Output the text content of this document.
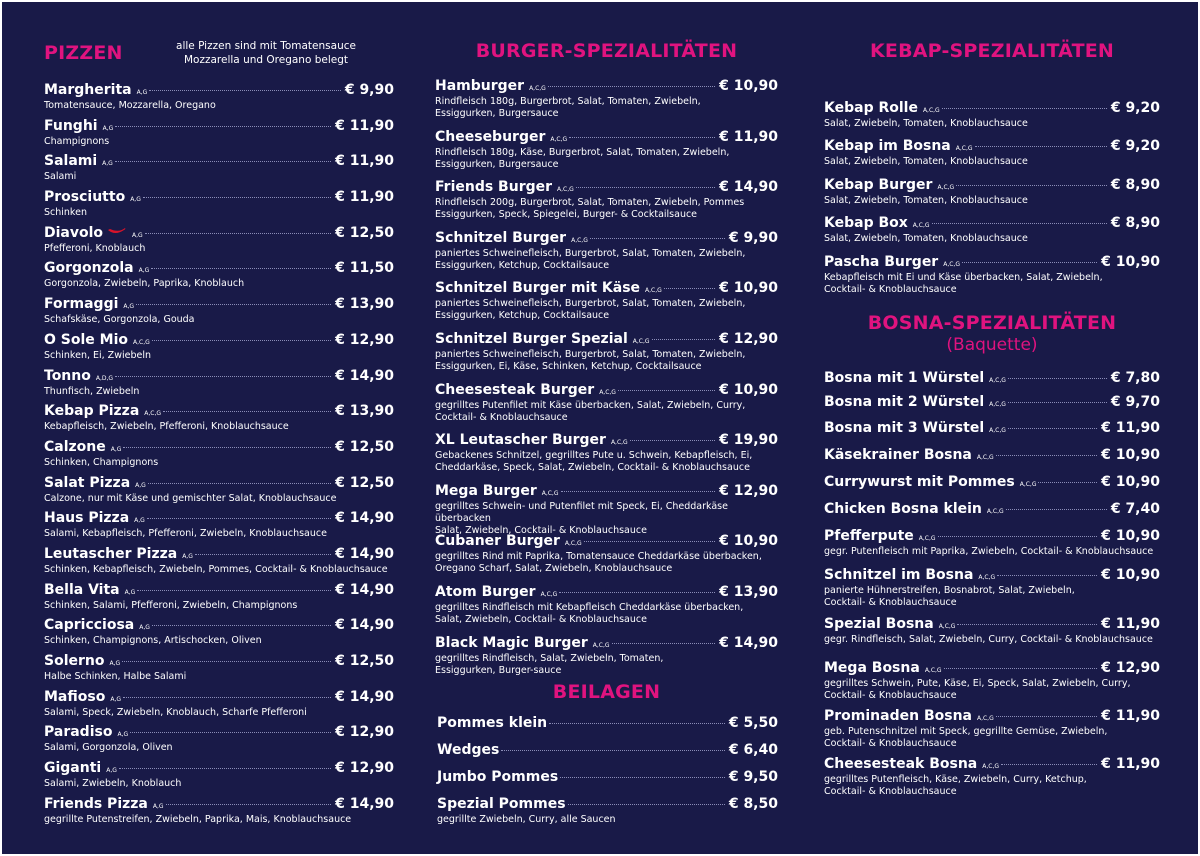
PIZZEN	alle Pizzen sind mit Tomatensauce
Mozzarella und Oregano belegt
Margherita A,G	€ 9,90
Tomatensauce, Mozzarella, Oregano
Funghi A,G	€ 11,90
Champignons
Salami A,G	€ 11,90
Salami
Prosciutto A,G	€ 11,90
Schinken
Diavolo	A,G	€ 12,50
Pfefferoni, Knoblauch
Gorgonzola A,G	€ 11,50
Gorgonzola, Zwiebeln, Paprika, Knoblauch
Formaggi A,G	€ 13,90
Schafskäse, Gorgonzola, Gouda
O Sole Mio A,C,G	€ 12,90
Schinken, Ei, Zwiebeln
Tonno A,D,G	€ 14,90
Thunfisch, Zwiebeln
Kebap Pizza A,C,G	€ 13,90
Kebapfleisch, Zwiebeln, Pfefferoni, Knoblauchsauce
Calzone A,G	€ 12,50
Schinken, Champignons
Salat Pizza A,G	€ 12,50
Calzone, nur mit Käse und gemischter Salat, Knoblauchsauce
Haus Pizza A,G	€ 14,90
Salami, Kebapfleisch, Pfefferoni, Zwiebeln, Knoblauchsauce
Leutascher Pizza A,G	€ 14,90
Schinken, Kebapfleisch, Zwiebeln, Pommes, Cocktail- & Knoblauchsauce
Bella Vita A,G	€ 14,90
Schinken, Salami, Pfefferoni, Zwiebeln, Champignons
Capricciosa A,G	€ 14,90
Schinken, Champignons, Artischocken, Oliven
Solerno A,G	€ 12,50
Halbe Schinken, Halbe Salami
Mafioso A,G	€ 14,90
Salami, Speck, Zwiebeln, Knoblauch, Scharfe Pfefferoni
Paradiso A,G	€ 12,90
Salami, Gorgonzola, Oliven
Giganti A,G	€ 12,90
Salami, Zwiebeln, Knoblauch
Friends Pizza A,G	€ 14,90
gegrillte Putenstreifen, Zwiebeln, Paprika, Mais, Knoblauchsauce
BURGER-SPEZIALITÄTEN
Hamburger A,C,G	€ 10,90
Rindfleisch 180g, Burgerbrot, Salat, Tomaten, Zwiebeln,
Essiggurken, Burgersauce
Cheeseburger A,C,G	€ 11,90
Rindfleisch 180g, Käse, Burgerbrot, Salat, Tomaten, Zwiebeln,
Essiggurken, Burgersauce
Friends Burger A,C,G	€ 14,90
Rindfleisch 200g, Burgerbrot, Salat, Tomaten, Zwiebeln, Pommes
Essiggurken, Speck, Spiegelei, Burger- & Cocktailsauce
Schnitzel Burger A,C,G	€ 9,90
paniertes Schweinefleisch, Burgerbrot, Salat, Tomaten, Zwiebeln,
Essiggurken, Ketchup, Cocktailsauce
Schnitzel Burger mit Käse A,C,G	€ 10,90
paniertes Schweinefleisch, Burgerbrot, Salat, Tomaten, Zwiebeln,
Essiggurken, Ketchup, Cocktailsauce
Schnitzel Burger Spezial A,C,G	€ 12,90
paniertes Schweinefleisch, Burgerbrot, Salat, Tomaten, Zwiebeln,
Essiggurken, Ei, Käse, Schinken, Ketchup, Cocktailsauce
Cheesesteak Burger A,C,G	€ 10,90
gegrilltes Putenfilet mit Käse überbacken, Salat, Zwiebeln, Curry,
Cocktail- & Knoblauchsauce
XL Leutascher Burger A,C,G	€ 19,90
Gebackenes Schnitzel, gegrilltes Pute u. Schwein, Kebapfleisch, Ei,
Cheddarkäse, Speck, Salat, Zwiebeln, Cocktail- & Knoblauchsauce
Mega Burger A,C,G	€ 12,90
gegrilltes Schwein- und Putenfilet mit Speck, Ei, Cheddarkäse überbacken
Salat, Zwiebeln, Cocktail- & Knoblauchsauce
Cubaner Burger A,C,G	€ 10,90
gegrilltes Rind mit Paprika, Tomatensauce Cheddarkäse überbacken,
Oregano Scharf, Salat, Zwiebeln, Knoblauchsauce
Atom Burger A,C,G	€ 13,90
gegrilltes Rindfleisch mit Kebapfleisch Cheddarkäse überbacken,
Salat, Zwiebeln, Cocktail- & Knoblauchsauce
Black Magic Burger A,C,G	€ 14,90
gegrilltes Rindfleisch, Salat, Zwiebeln, Tomaten,
Essiggurken, Burger-sauce
BEILAGEN
Pommes klein	€ 5,50
Wedges	€ 6,40
Jumbo Pommes	€ 9,50
Spezial Pommes	€ 8,50
gegrillte Zwiebeln, Curry, alle Saucen
KEBAP-SPEZIALITÄTEN
Kebap Rolle A,C,G	€ 9,20
Salat, Zwiebeln, Tomaten, Knoblauchsauce
Kebap im Bosna A,C,G	€ 9,20
Salat, Zwiebeln, Tomaten, Knoblauchsauce
Kebap Burger A,C,G	€ 8,90
Salat, Zwiebeln, Tomaten, Knoblauchsauce
Kebap Box A,C,G	€ 8,90
Salat, Zwiebeln, Tomaten, Knoblauchsauce
Pascha Burger A,C,G	€ 10,90
Kebapfleisch mit Ei und Käse überbacken, Salat, Zwiebeln,
Cocktail- & Knoblauchsauce
BOSNA-SPEZIALITÄTEN
(Baquette)
Bosna mit 1 Würstel A,C,G	€ 7,80
Bosna mit 2 Würstel A,C,G	€ 9,70
Bosna mit 3 Würstel A,C,G	€ 11,90
Käsekrainer Bosna A,C,G	€ 10,90
Currywurst mit Pommes A,C,G	€ 10,90
Chicken Bosna klein A,C,G	€ 7,40
Pfefferpute A,C,G	€ 10,90
gegr. Putenfleisch mit Paprika, Zwiebeln, Cocktail- & Knoblauchsauce
Schnitzel im Bosna A,C,G	€ 10,90
panierte Hühnerstreifen, Bosnabrot, Salat, Zwiebeln,
Cocktail- & Knoblauchsauce
Spezial Bosna A,C,G	€ 11,90
gegr. Rindfleisch, Salat, Zwiebeln, Curry, Cocktail- & Knoblauchsauce
Mega Bosna A,C,G	€ 12,90
gegrilltes Schwein, Pute, Käse, Ei, Speck, Salat, Zwiebeln, Curry,
Cocktail- & Knoblauchsauce
Prominaden Bosna A,C,G	€ 11,90
geb. Putenschnitzel mit Speck, gegrillte Gemüse, Zwiebeln,
Cocktail- & Knoblauchsauce
Cheesesteak Bosna A,C,G	€ 11,90
gegrilltes Putenfleisch, Käse, Zwiebeln, Curry, Ketchup,
Cocktail- & Knoblauchsauce
